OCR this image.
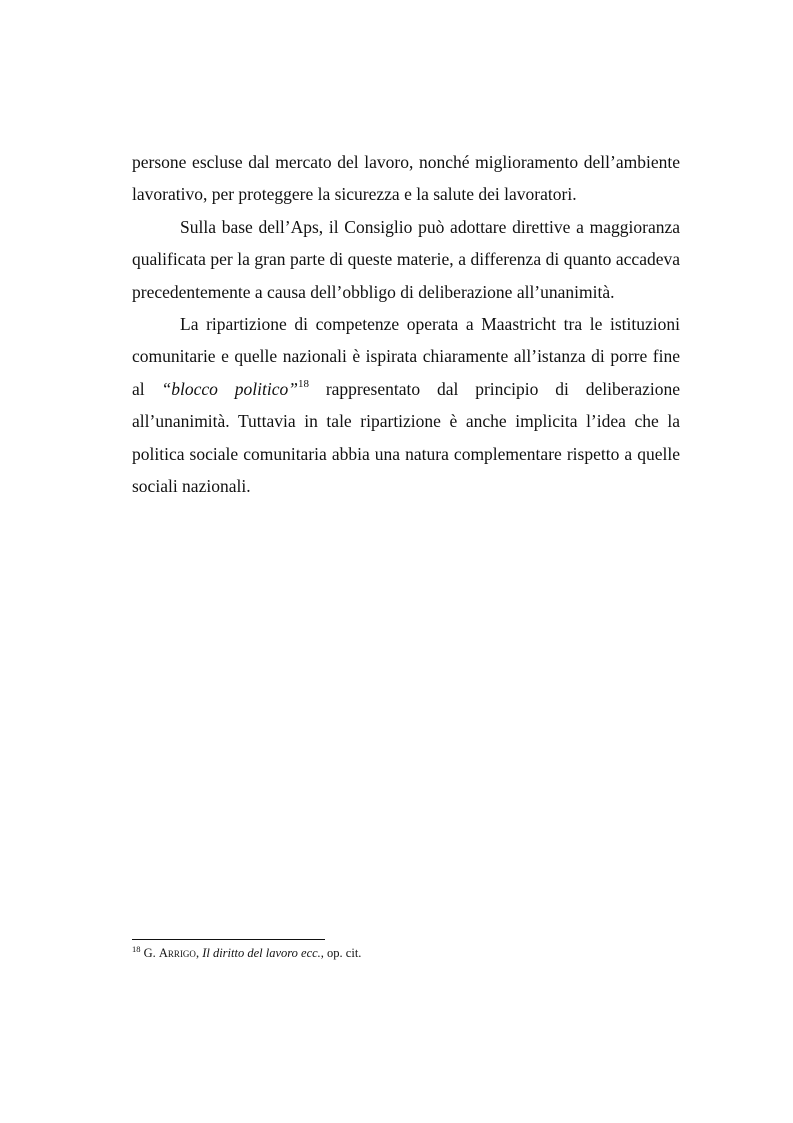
persone escluse dal mercato del lavoro, nonché miglioramento dell’ambiente lavorativo, per proteggere la sicurezza e la salute dei lavoratori.

Sulla base dell’Aps, il Consiglio può adottare direttive a maggioranza qualificata per la gran parte di queste materie, a differenza di quanto accadeva precedentemente a causa dell’obbligo di deliberazione all’unanimità.

La ripartizione di competenze operata a Maastricht tra le istituzioni comunitarie e quelle nazionali è ispirata chiaramente all’istanza di porre fine al “blocco politico”$^{18}$ rappresentato dal principio di deliberazione all’unanimità. Tuttavia in tale ripartizione è anche implicita l’idea che la politica sociale comunitaria abbia una natura complementare rispetto a quelle sociali nazionali.

$^{18}$ G. Arrigo, Il diritto del lavoro ecc., op. cit.
